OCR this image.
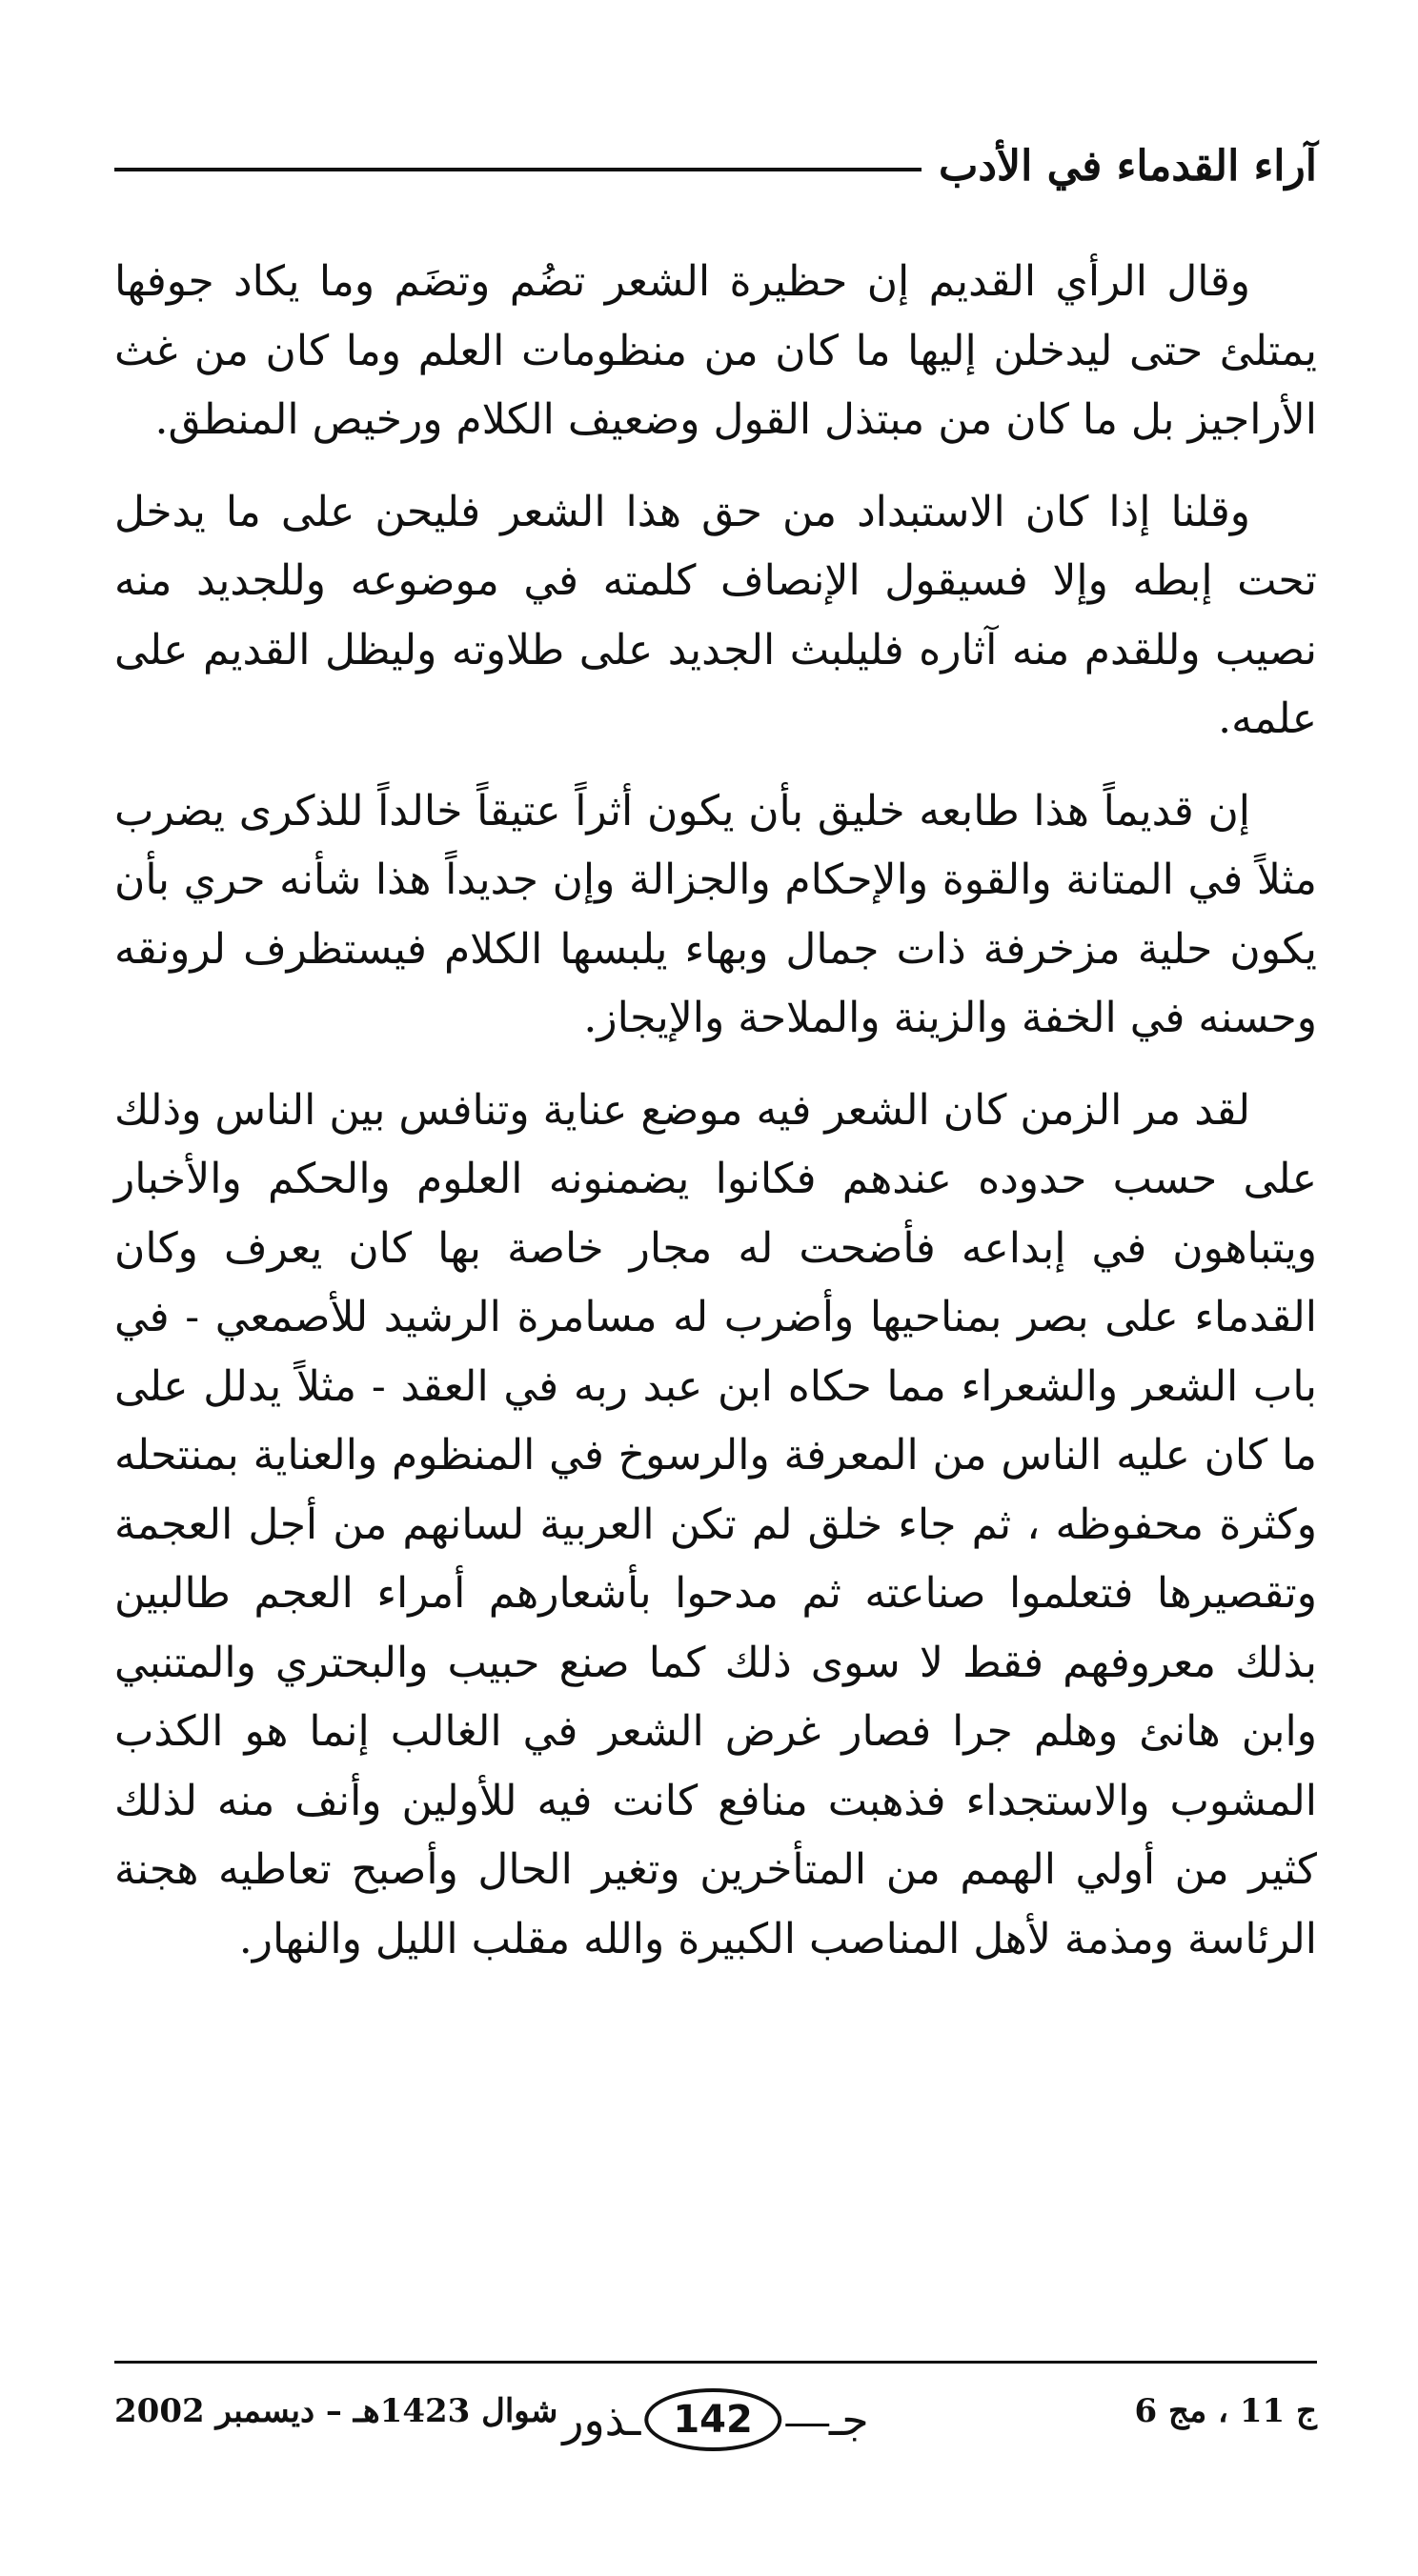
آراء القدماء في الأدب

وقال الرأي القديم إن حظيرة الشعر تضُم وتضَم وما يكاد جوفها يمتلئ حتى ليدخلن إليها ما كان من منظومات العلم وما كان من غث الأراجيز بل ما كان من مبتذل القول وضعيف الكلام ورخيص المنطق.

وقلنا إذا كان الاستبداد من حق هذا الشعر فليحن على ما يدخل تحت إبطه وإلا فسيقول الإنصاف كلمته في موضوعه وللجديد منه نصيب وللقدم منه آثاره فليلبث الجديد على طلاوته وليظل القديم على علمه.

إن قديماً هذا طابعه خليق بأن يكون أثراً عتيقاً خالداً للذكرى يضرب مثلاً في المتانة والقوة والإحكام والجزالة وإن جديداً هذا شأنه حري بأن يكون حلية مزخرفة ذات جمال وبهاء يلبسها الكلام فيستظرف لرونقه وحسنه في الخفة والزينة والملاحة والإيجاز.

لقد مر الزمن كان الشعر فيه موضع عناية وتنافس بين الناس وذلك على حسب حدوده عندهم فكانوا يضمنونه العلوم والحكم والأخبار ويتباهون في إبداعه فأضحت له مجار خاصة بها كان يعرف وكان القدماء على بصر بمناحيها وأضرب له مسامرة الرشيد للأصمعي - في باب الشعر والشعراء مما حكاه ابن عبد ربه في العقد - مثلاً يدلل على ما كان عليه الناس من المعرفة والرسوخ في المنظوم والعناية بمنتحله وكثرة محفوظه ، ثم جاء خلق لم تكن العربية لسانهم من أجل العجمة وتقصيرها فتعلموا صناعته ثم مدحوا بأشعارهم أمراء العجم طالبين بذلك معروفهم فقط لا سوى ذلك كما صنع حبيب والبحتري والمتنبي وابن هانئ وهلم جرا فصار غرض الشعر في الغالب إنما هو الكذب المشوب والاستجداء فذهبت منافع كانت فيه للأولين وأنف منه لذلك كثير من أولي الهمم من المتأخرين وتغير الحال وأصبح تعاطيه هجنة الرئاسة ومذمة لأهل المناصب الكبيرة والله مقلب الليل والنهار.

ج 11 ، مج 6
جـ
142
ـذور
شوال 1423هـ – ديسمبر 2002
